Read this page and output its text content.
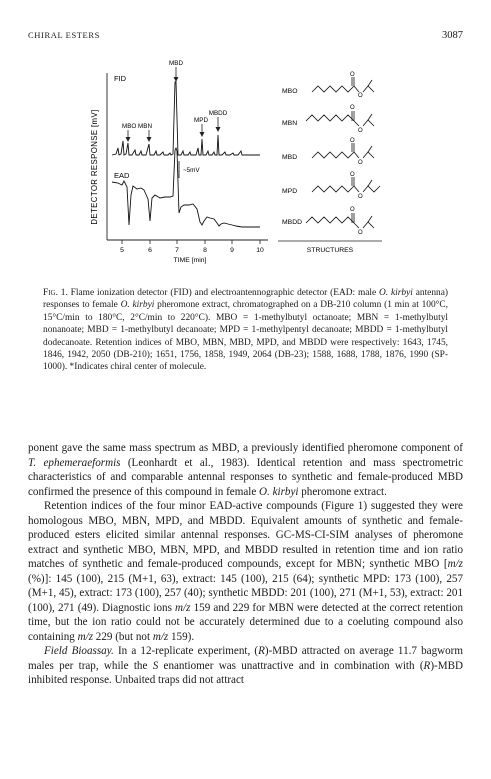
CHIRAL ESTERS	3087
DETECTOR RESPONSE [mV]
FID
EAD
MBD
MPD
MBDD
MBO MBN
~5mV
5	6	7	8	9	10
TIME [min]
MBO
O
O
MBN
O
O
MBD
O
O
MPD
O
O
MBDD
O
O
STRUCTURES

Fig. 1. Flame ionization detector (FID) and electroantennographic detector (EAD: male O. kirbyi antenna) responses to female O. kirbyi pheromone extract, chromatographed on a DB-210 column (1 min at 100°C, 15°C/min to 180°C, 2°C/min to 220°C). MBO = 1-methylbutyl octanoate; MBN = 1-methylbutyl nonanoate; MBD = 1-methylbutyl decanoate; MPD = 1-methylpentyl decanoate; MBDD = 1-methylbutyl dodecanoate. Retention indices of MBO, MBN, MBD, MPD, and MBDD were respectively: 1643, 1745, 1846, 1942, 2050 (DB-210); 1651, 1756, 1858, 1949, 2064 (DB-23); 1588, 1688, 1788, 1876, 1990 (SP-1000). *Indicates chiral center of molecule.

ponent gave the same mass spectrum as MBD, a previously identified pheromone component of T. ephemeraeformis (Leonhardt et al., 1983). Identical retention and mass spectrometric characteristics of and comparable antennal responses to synthetic and female-produced MBD confirmed the presence of this compound in female O. kirbyi pheromone extract.

Retention indices of the four minor EAD-active compounds (Figure 1) suggested they were homologous MBO, MBN, MPD, and MBDD. Equivalent amounts of synthetic and female-produced esters elicited similar antennal responses. GC-MS-CI-SIM analyses of pheromone extract and synthetic MBO, MBN, MPD, and MBDD resulted in retention time and ion ratio matches of synthetic and female-produced compounds, except for MBN; synthetic MBO [m/z (%)]: 145 (100), 215 (M+1, 63), extract: 145 (100), 215 (64); synthetic MPD: 173 (100), 257 (M+1, 45), extract: 173 (100), 257 (40); synthetic MBDD: 201 (100), 271 (M+1, 53), extract: 201 (100), 271 (49). Diagnostic ions m/z 159 and 229 for MBN were detected at the correct retention time, but the ion ratio could not be accurately determined due to a coeluting compound also containing m/z 229 (but not m/z 159).

Field Bioassay. In a 12-replicate experiment, (R)-MBD attracted on average 11.7 bagworm males per trap, while the S enantiomer was unattractive and in combination with (R)-MBD inhibited response. Unbaited traps did not attract
